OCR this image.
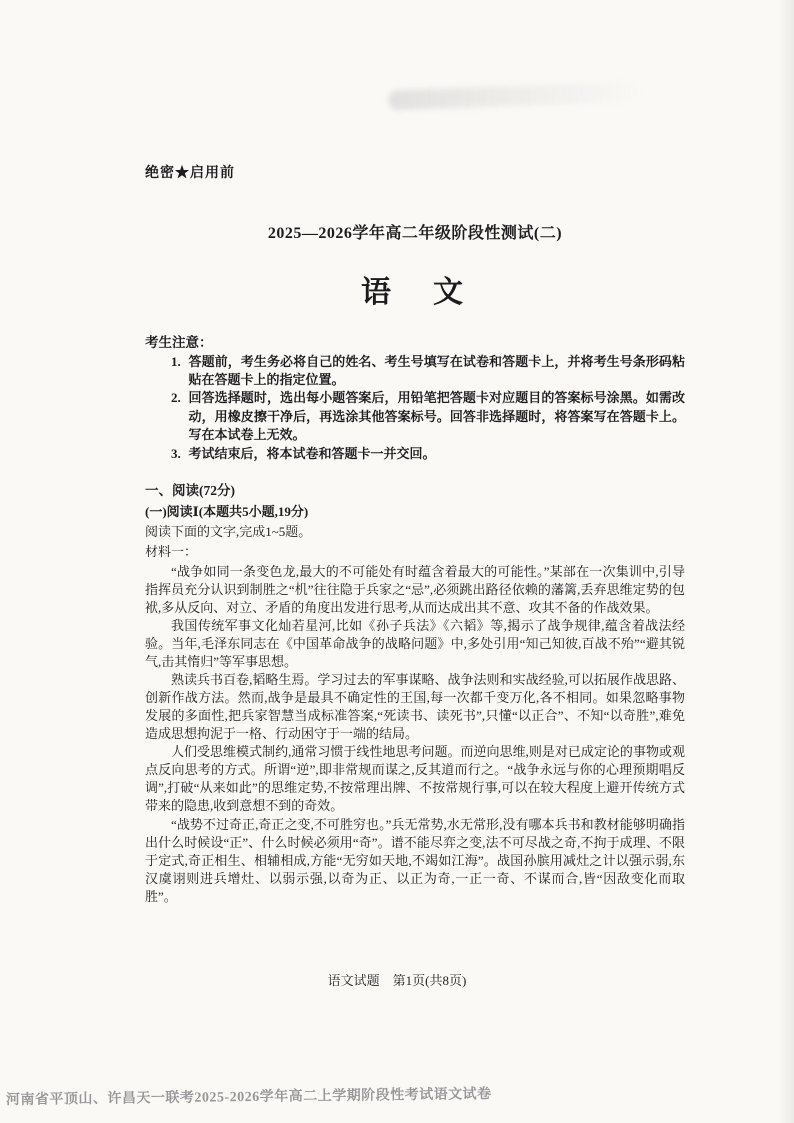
绝密★启用前
2025—2026学年高二年级阶段性测试(二)
语　文
考生注意：
1. 答题前，考生务必将自己的姓名、考生号填写在试卷和答题卡上，并将考生号条形码粘贴在答题卡上的指定位置。
2. 回答选择题时，选出每小题答案后，用铅笔把答题卡对应题目的答案标号涂黑。如需改动，用橡皮擦干净后，再选涂其他答案标号。回答非选择题时，将答案写在答题卡上。写在本试卷上无效。
3. 考试结束后，将本试卷和答题卡一并交回。
一、阅读(72分)
(一)阅读Ⅰ(本题共5小题,19分)
阅读下面的文字,完成1~5题。
材料一：

“战争如同一条变色龙,最大的不可能处有时蕴含着最大的可能性。”某部在一次集训中,引导指挥员充分认识到制胜之“机”往往隐于兵家之“忌”,必须跳出路径依赖的藩篱,丢弃思维定势的包袱,多从反向、对立、矛盾的角度出发进行思考,从而达成出其不意、攻其不备的作战效果。

我国传统军事文化灿若星河,比如《孙子兵法》《六韬》等,揭示了战争规律,蕴含着战法经验。当年,毛泽东同志在《中国革命战争的战略问题》中,多处引用“知己知彼,百战不殆”“避其锐气,击其惰归”等军事思想。

熟读兵书百卷,韬略生焉。学习过去的军事谋略、战争法则和实战经验,可以拓展作战思路、创新作战方法。然而,战争是最具不确定性的王国,每一次都千变万化,各不相同。如果忽略事物发展的多面性,把兵家智慧当成标准答案,“死读书、读死书”,只懂“以正合”、不知“以奇胜”,难免造成思想拘泥于一格、行动困守于一端的结局。

人们受思维模式制约,通常习惯于线性地思考问题。而逆向思维,则是对已成定论的事物或观点反向思考的方式。所谓“逆”,即非常规而谋之,反其道而行之。“战争永远与你的心理预期唱反调”,打破“从来如此”的思维定势,不按常理出牌、不按常规行事,可以在较大程度上避开传统方式带来的隐患,收到意想不到的奇效。

“战势不过奇正,奇正之变,不可胜穷也。”兵无常势,水无常形,没有哪本兵书和教材能够明确指出什么时候设“正”、什么时候必须用“奇”。谱不能尽弈之变,法不可尽战之奇,不拘于成理、不限于定式,奇正相生、相辅相成,方能“无穷如天地,不竭如江海”。战国孙膑用减灶之计以强示弱,东汉虞诩则进兵增灶、以弱示强,以奇为正、以正为奇,一正一奇、不谋而合,皆“因敌变化而取胜”。

语文试题　第1页(共8页)
河南省平顶山、许昌天一联考2025-2026学年高二上学期阶段性考试语文试卷
